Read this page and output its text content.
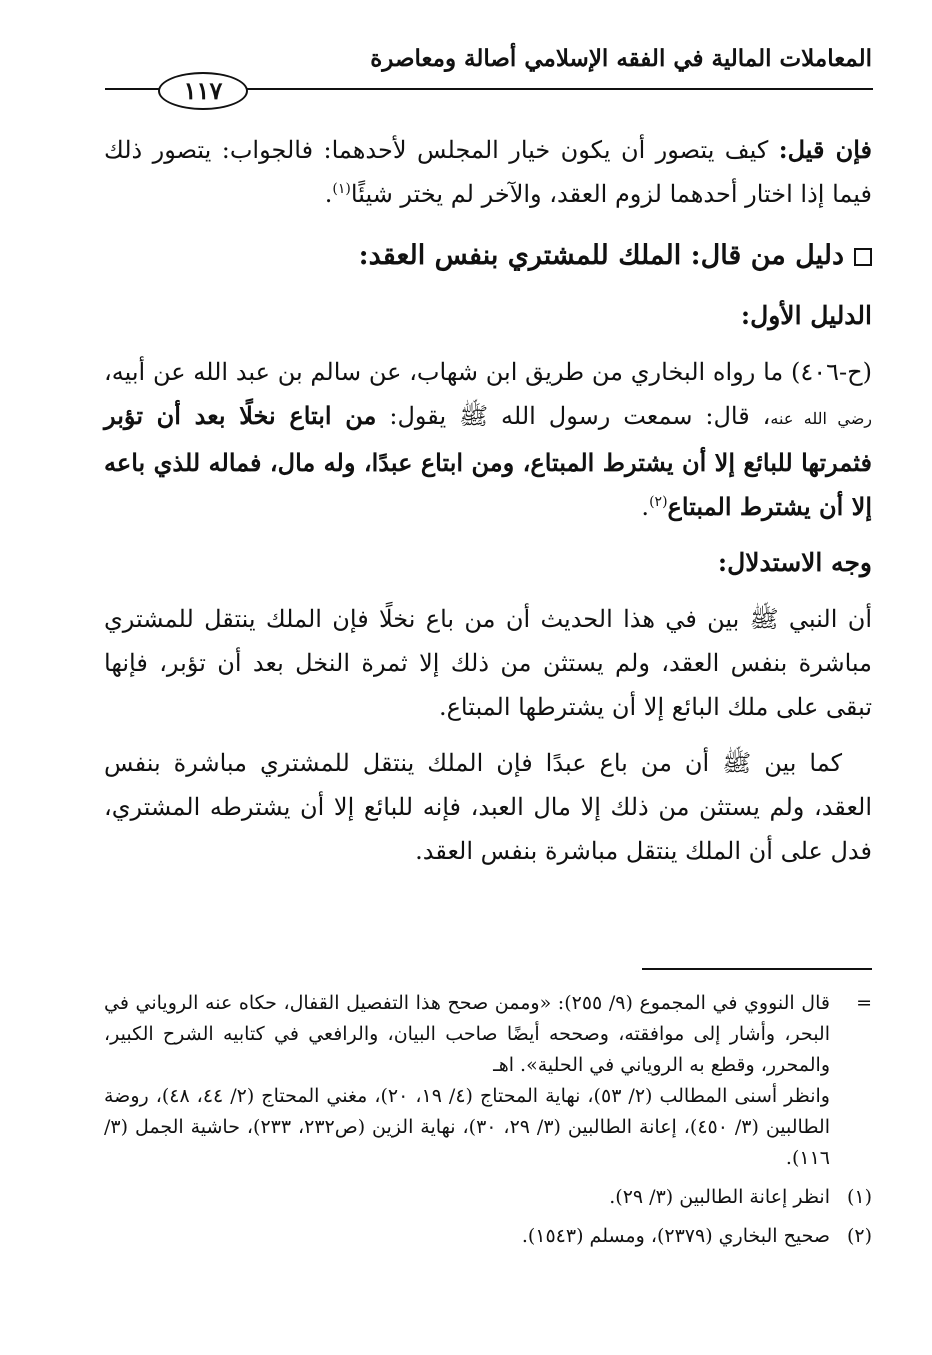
المعاملات المالية في الفقه الإسلامي أصالة ومعاصرة
١١٧

فإن قيل: كيف يتصور أن يكون خيار المجلس لأحدهما: فالجواب: يتصور ذلك فيما إذا اختار أحدهما لزوم العقد، والآخر لم يختر شيئًا$^{(١)}$.

دليل من قال: الملك للمشتري بنفس العقد:

الدليل الأول:

(ح-٤٠٦) ما رواه البخاري من طريق ابن شهاب، عن سالم بن عبد الله عن أبيه، رضي الله عنه، قال: سمعت رسول الله ﷺ يقول: من ابتاع نخلًا بعد أن تؤبر فثمرتها للبائع إلا أن يشترط المبتاع، ومن ابتاع عبدًا، وله مال، فماله للذي باعه إلا أن يشترط المبتاع$^{(٢)}$.

وجه الاستدلال:

أن النبي ﷺ بين في هذا الحديث أن من باع نخلًا فإن الملك ينتقل للمشتري مباشرة بنفس العقد، ولم يستثن من ذلك إلا ثمرة النخل بعد أن تؤبر، فإنها تبقى على ملك البائع إلا أن يشترطها المبتاع.

كما بين ﷺ أن من باع عبدًا فإن الملك ينتقل للمشتري مباشرة بنفس العقد، ولم يستثن من ذلك إلا مال العبد، فإنه للبائع إلا أن يشترطه المشتري، فدل على أن الملك ينتقل مباشرة بنفس العقد.

=
قال النووي في المجموع (٩/ ٢٥٥): «وممن صحح هذا التفصيل القفال، حكاه عنه الروياني في البحر، وأشار إلى موافقته، وصححه أيضًا صاحب البيان، والرافعي في كتابيه الشرح الكبير، والمحرر، وقطع به الروياني في الحلية». اهـ

وانظر أسنى المطالب (٢/ ٥٣)، نهاية المحتاج (٤/ ١٩، ٢٠)، مغني المحتاج (٢/ ٤٤، ٤٨)، روضة الطالبين (٣/ ٤٥٠)، إعانة الطالبين (٣/ ٢٩، ٣٠)، نهاية الزين (ص٢٣٢، ٢٣٣)، حاشية الجمل (٣/ ١١٦).

(١)
انظر إعانة الطالبين (٣/ ٢٩).

(٢)
صحيح البخاري (٢٣٧٩)، ومسلم (١٥٤٣).
